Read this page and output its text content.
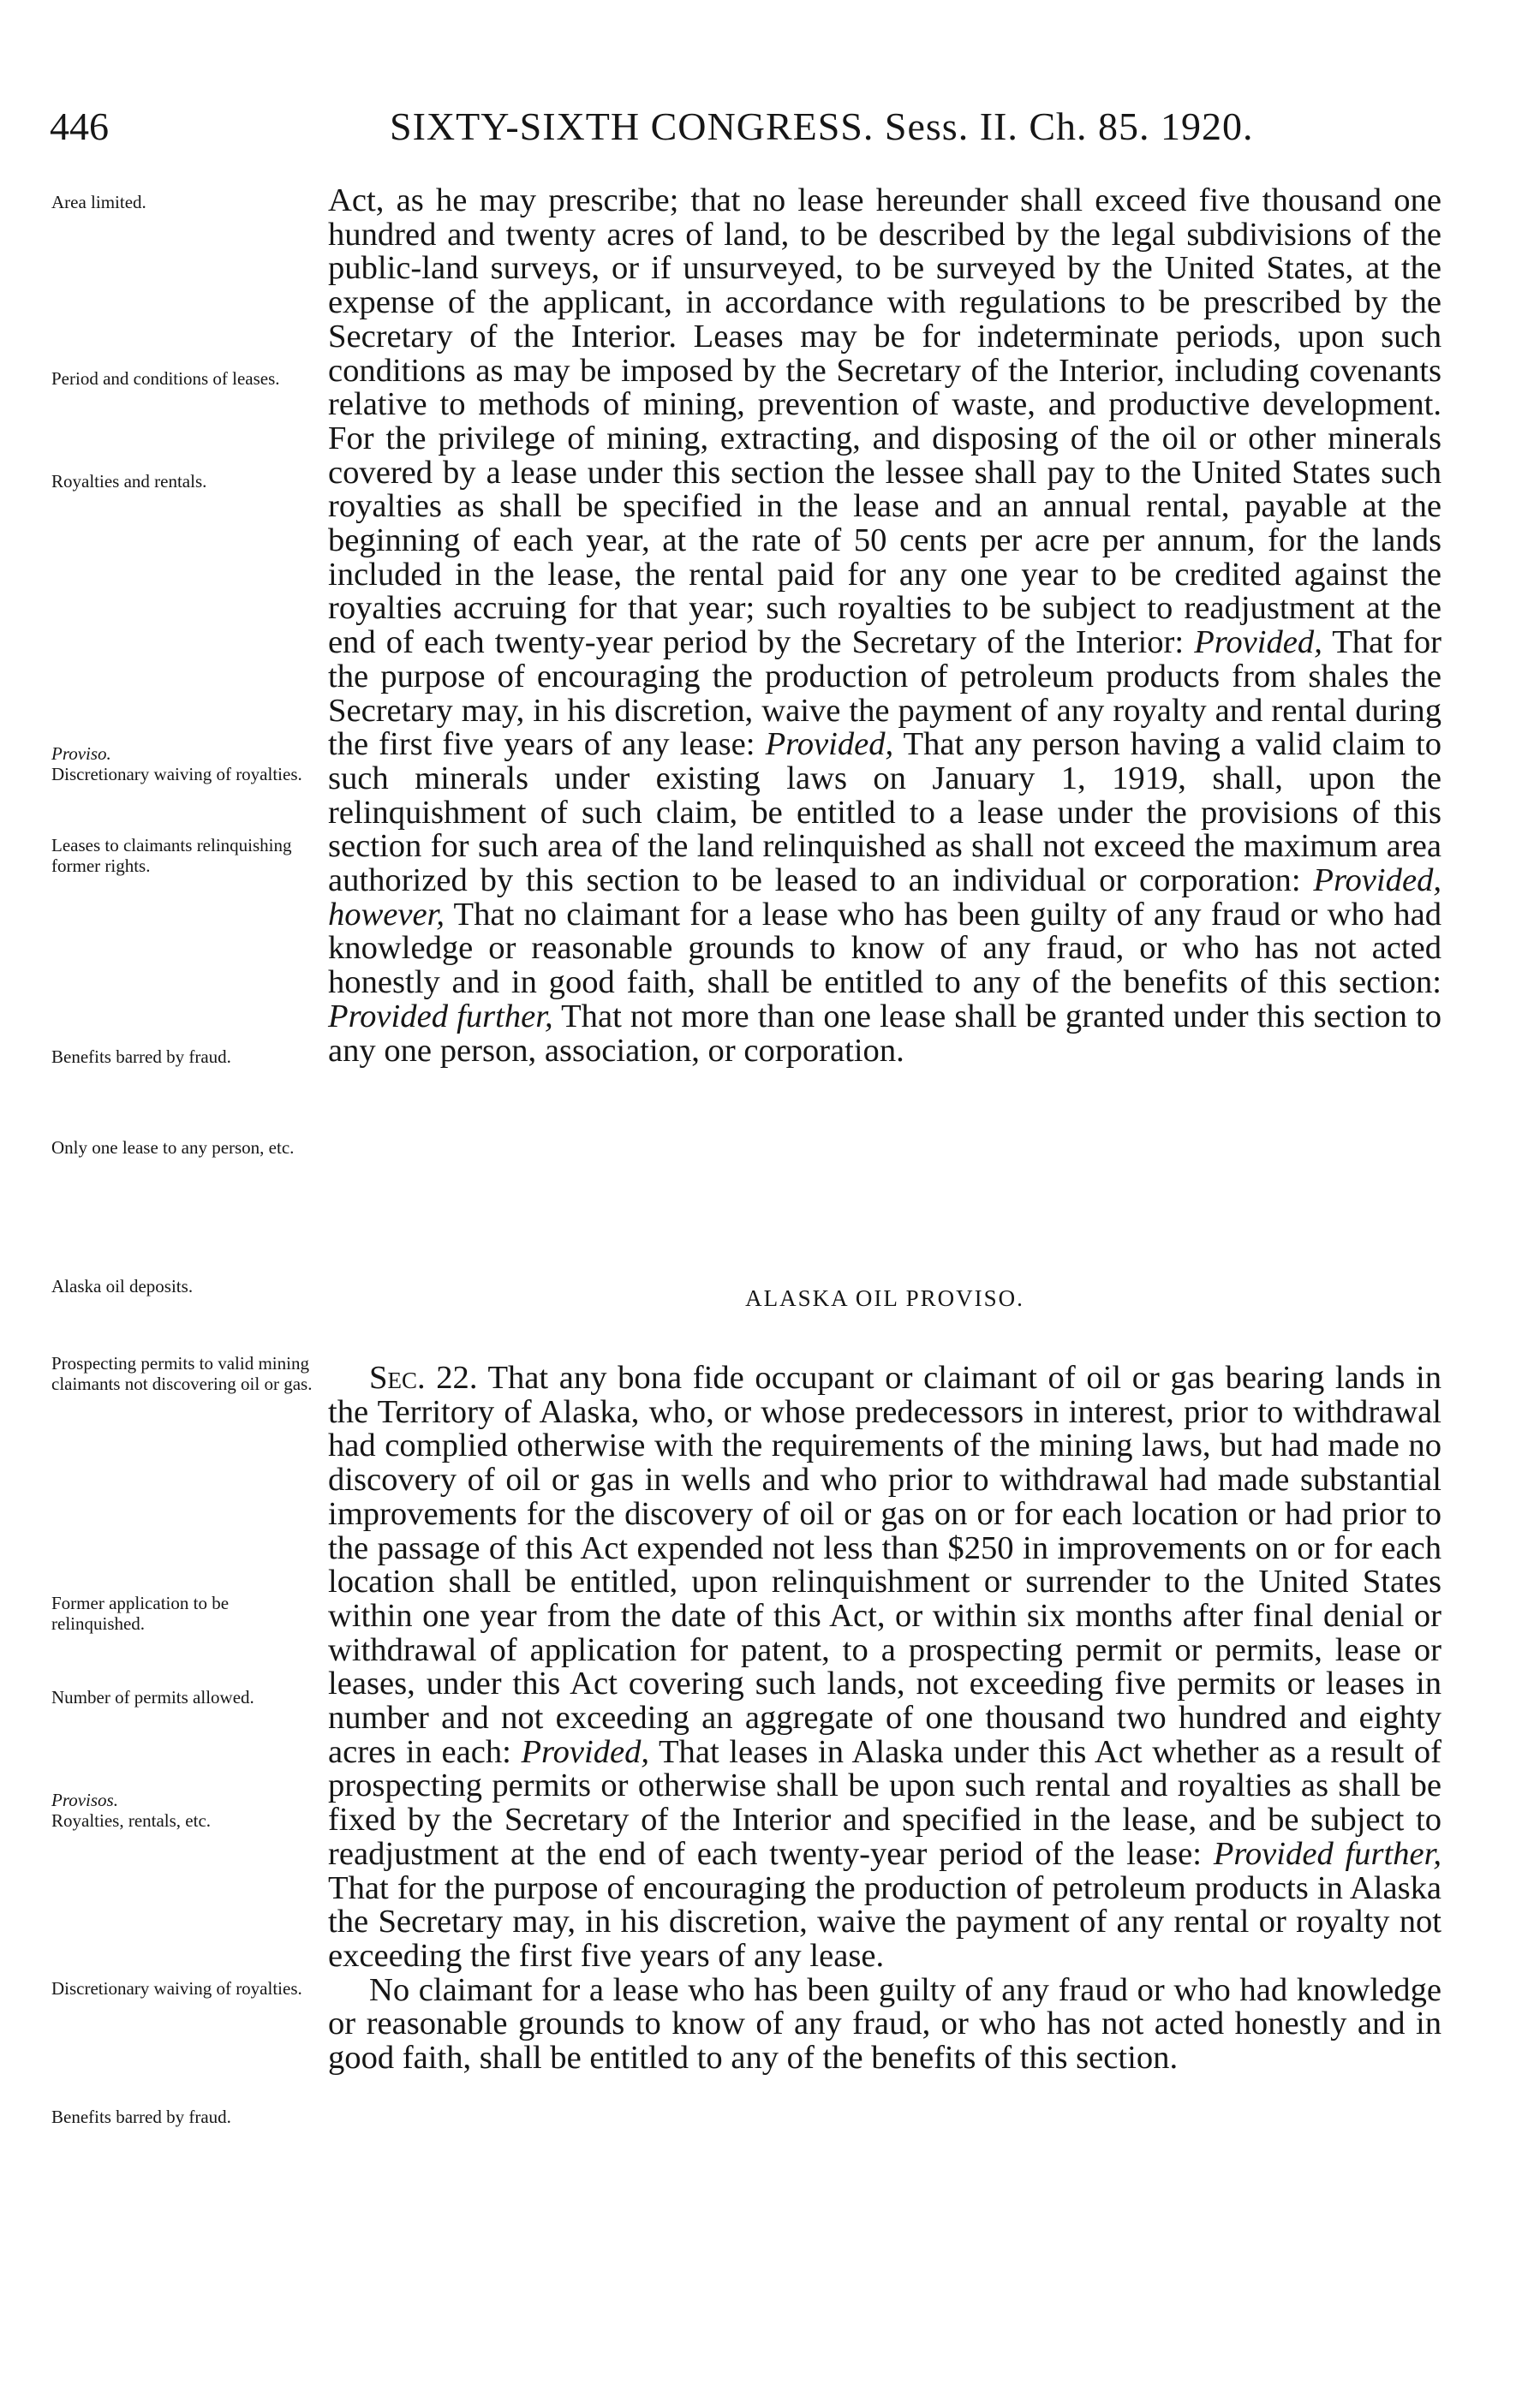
446	SIXTY-SIXTH CONGRESS. Sess. II. Ch. 85. 1920.
Area limited.
Period and conditions of leases.
Royalties and rentals.
Proviso.
Discretionary waiving of royalties.
Leases to claimants relinquishing former rights.
Benefits barred by fraud.
Only one lease to any person, etc.
Alaska oil deposits.
Prospecting permits to valid mining claimants not discovering oil or gas.
Former application to be relinquished.
Number of permits allowed.
Provisos.
Royalties, rentals, etc.
Discretionary waiving of royalties.
Benefits barred by fraud.

Act, as he may prescribe; that no lease hereunder shall exceed five thousand one hundred and twenty acres of land, to be described by the legal subdivisions of the public-land surveys, or if unsurveyed, to be surveyed by the United States, at the expense of the applicant, in accordance with regulations to be prescribed by the Secretary of the Interior. Leases may be for indeterminate periods, upon such conditions as may be imposed by the Secretary of the Interior, including covenants relative to methods of mining, prevention of waste, and productive development. For the privilege of mining, extracting, and disposing of the oil or other minerals covered by a lease under this section the lessee shall pay to the United States such royalties as shall be specified in the lease and an annual rental, payable at the beginning of each year, at the rate of 50 cents per acre per annum, for the lands included in the lease, the rental paid for any one year to be credited against the royalties accruing for that year; such royalties to be subject to readjustment at the end of each twenty-year period by the Secretary of the Interior: Provided, That for the purpose of encouraging the production of petroleum products from shales the Secretary may, in his discretion, waive the payment of any royalty and rental during the first five years of any lease: Provided, That any person having a valid claim to such minerals under existing laws on January 1, 1919, shall, upon the relinquishment of such claim, be entitled to a lease under the provisions of this section for such area of the land relinquished as shall not exceed the maximum area authorized by this section to be leased to an individual or corporation: Provided, however, That no claimant for a lease who has been guilty of any fraud or who had knowledge or reasonable grounds to know of any fraud, or who has not acted honestly and in good faith, shall be entitled to any of the benefits of this section: Provided further, That not more than one lease shall be granted under this section to any one person, association, or corporation.

ALASKA OIL PROVISO.

Sec. 22. That any bona fide occupant or claimant of oil or gas bearing lands in the Territory of Alaska, who, or whose predecessors in interest, prior to withdrawal had complied otherwise with the requirements of the mining laws, but had made no discovery of oil or gas in wells and who prior to withdrawal had made substantial improvements for the discovery of oil or gas on or for each location or had prior to the passage of this Act expended not less than $250 in improvements on or for each location shall be entitled, upon relinquishment or surrender to the United States within one year from the date of this Act, or within six months after final denial or withdrawal of application for patent, to a prospecting permit or permits, lease or leases, under this Act covering such lands, not exceeding five permits or leases in number and not exceeding an aggregate of one thousand two hundred and eighty acres in each: Provided, That leases in Alaska under this Act whether as a result of prospecting permits or otherwise shall be upon such rental and royalties as shall be fixed by the Secretary of the Interior and specified in the lease, and be subject to readjustment at the end of each twenty-year period of the lease: Provided further, That for the purpose of encouraging the production of petroleum products in Alaska the Secretary may, in his discretion, waive the payment of any rental or royalty not exceeding the first five years of any lease.

No claimant for a lease who has been guilty of any fraud or who had knowledge or reasonable grounds to know of any fraud, or who has not acted honestly and in good faith, shall be entitled to any of the benefits of this section.
